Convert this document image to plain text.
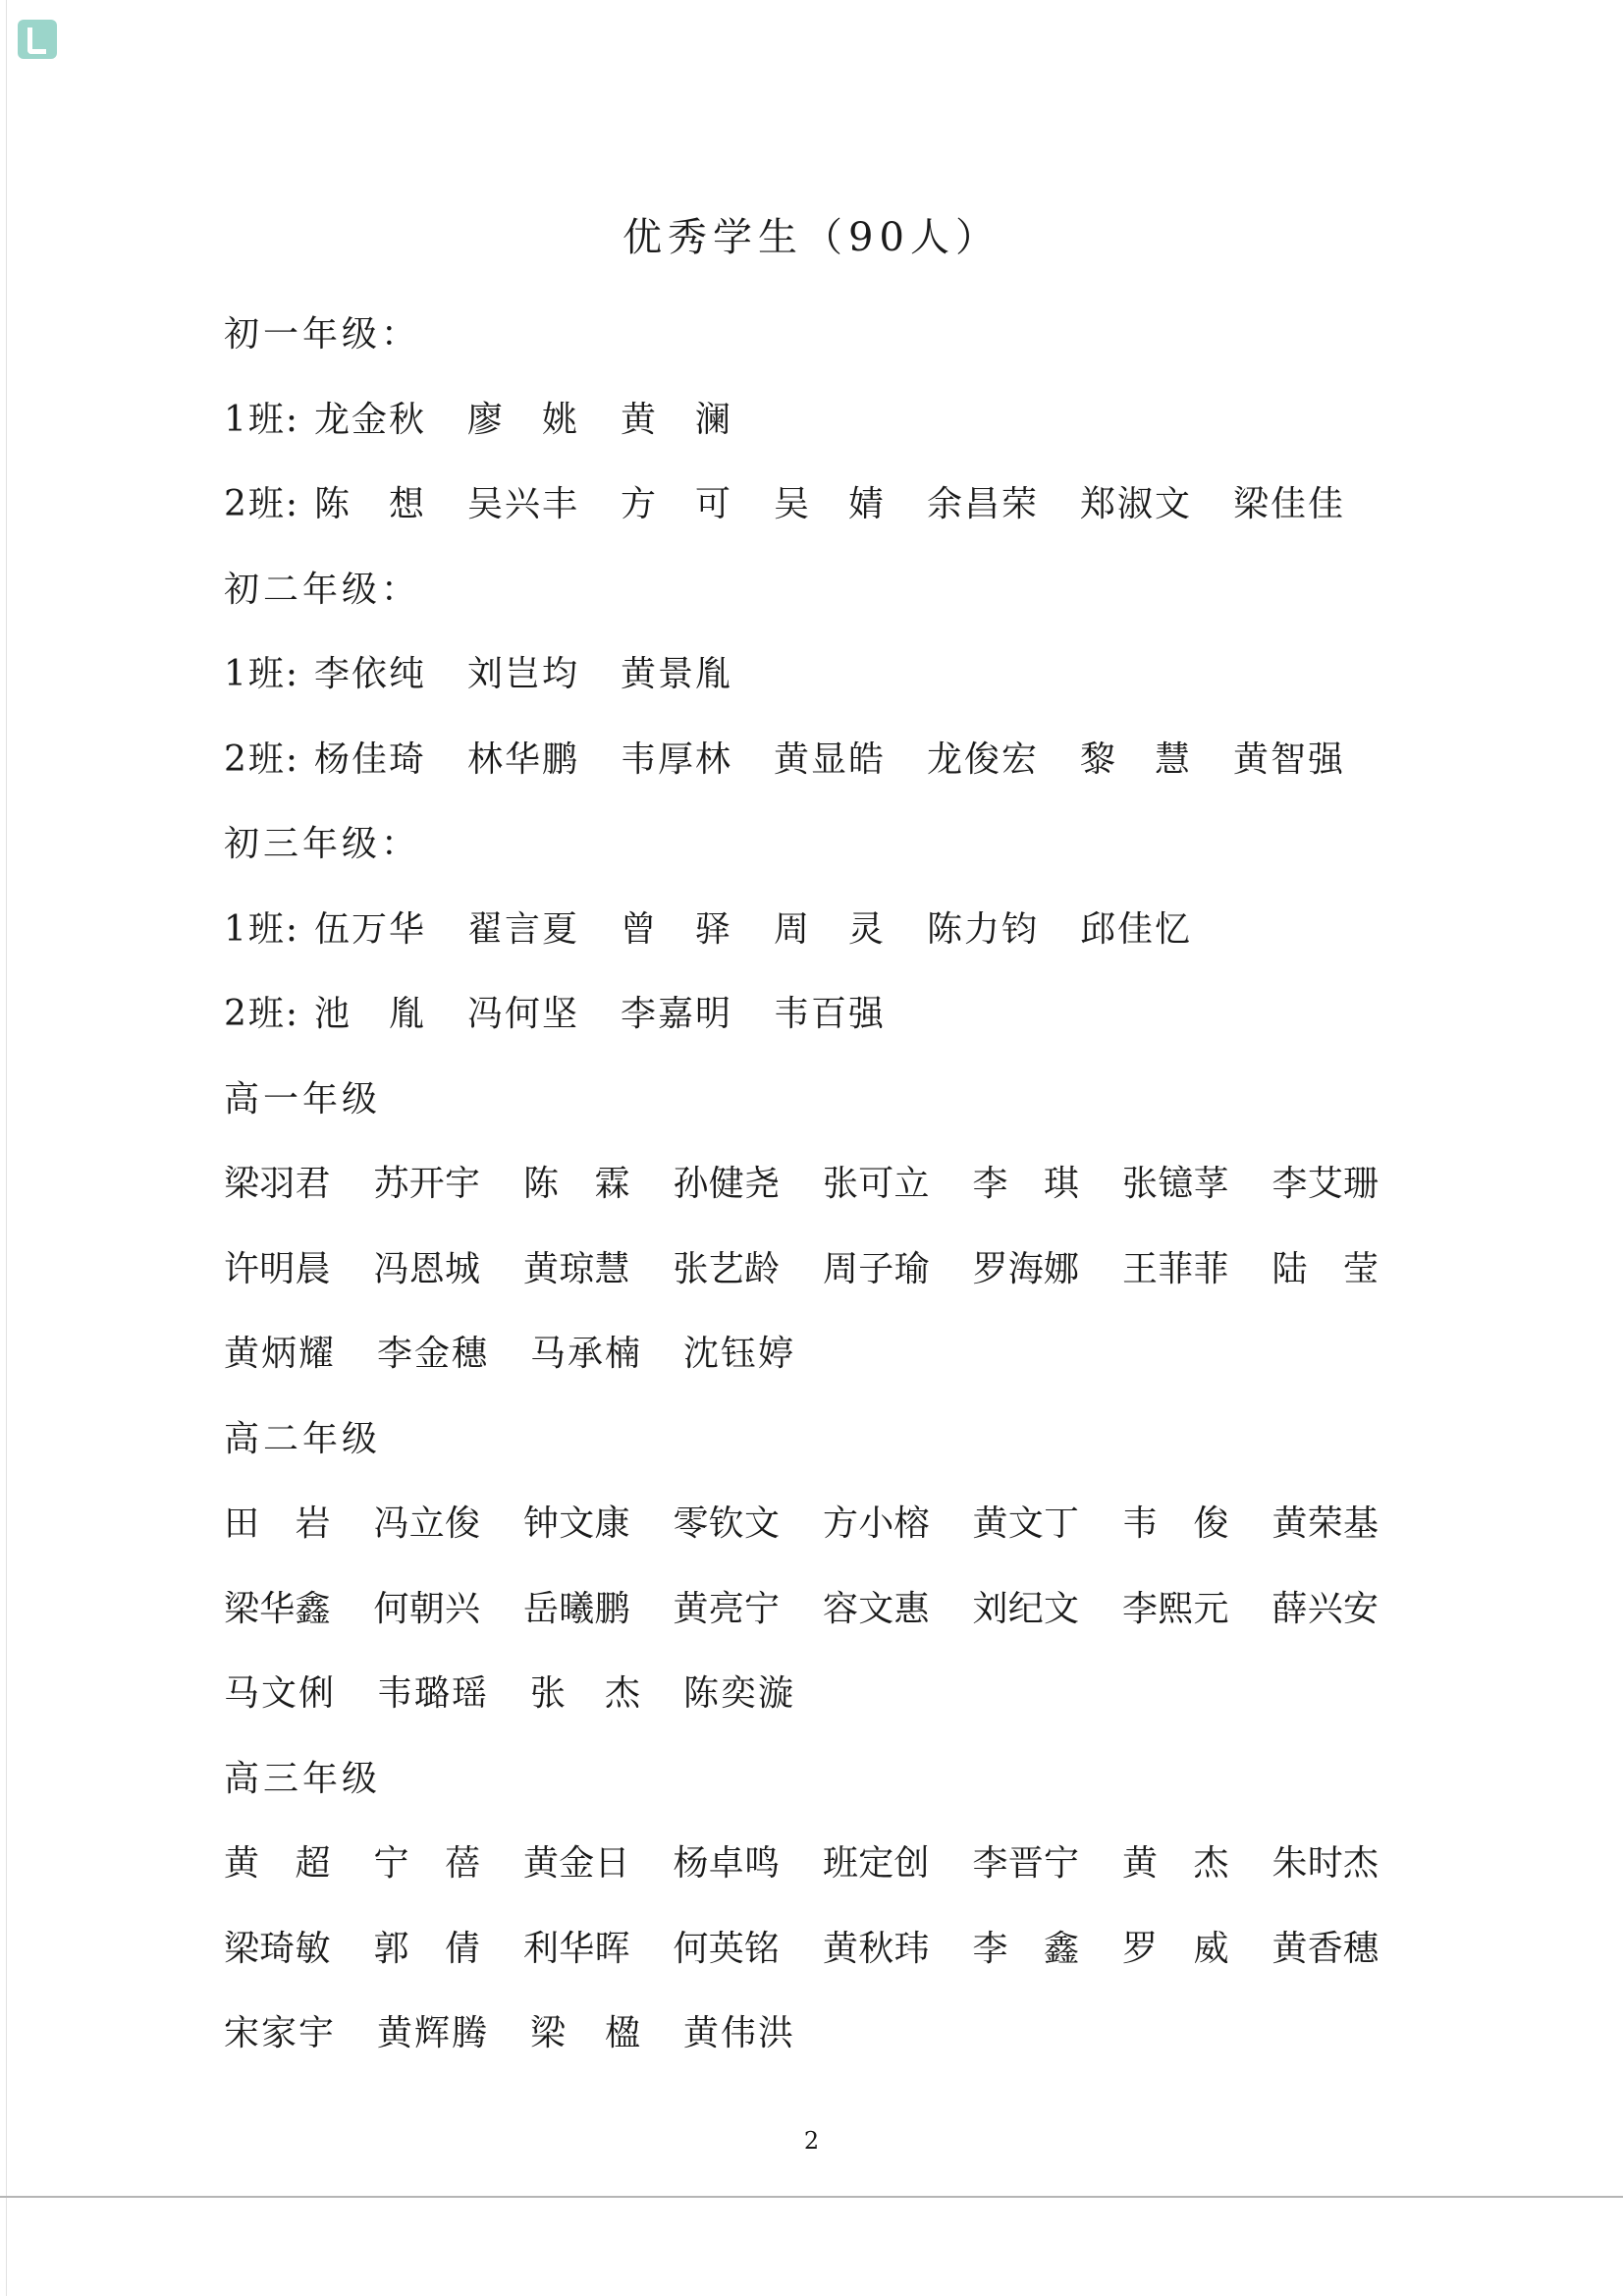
优秀学生（90人）
初一年级：
1班: 龙金秋	廖　姚	黄　澜
2班: 陈　想	吴兴丰	方　可	吴　婧	余昌荣	郑淑文	梁佳佳
初二年级：
1班: 李依纯	刘岂均	黄景胤
2班: 杨佳琦	林华鹏	韦厚林	黄显皓	龙俊宏	黎　慧	黄智强
初三年级：
1班: 伍万华	翟言夏	曾　驿	周　灵	陈力钧	邱佳忆
2班: 池　胤	冯何坚	李嘉明	韦百强
高一年级
梁羽君	苏开宇	陈　霖	孙健尧	张可立	李　琪	张镱莩	李艾珊
许明晨	冯恩城	黄琼慧	张艺龄	周子瑜	罗海娜	王菲菲	陆　莹
黄炳耀	李金穗	马承楠	沈钰婷
高二年级
田　岩	冯立俊	钟文康	零钦文	方小榕	黄文丁	韦　俊	黄荣基
梁华鑫	何朝兴	岳曦鹏	黄亮宁	容文惠	刘纪文	李熙元	薛兴安
马文俐	韦璐瑶	张　杰	陈奕漩
高三年级
黄　超	宁　蓓	黄金日	杨卓鸣	班定创	李晋宁	黄　杰	朱时杰
梁琦敏	郭　倩	利华晖	何英铭	黄秋玮	李　鑫	罗　威	黄香穗
宋家宇	黄辉腾	梁　楹	黄伟洪
2
